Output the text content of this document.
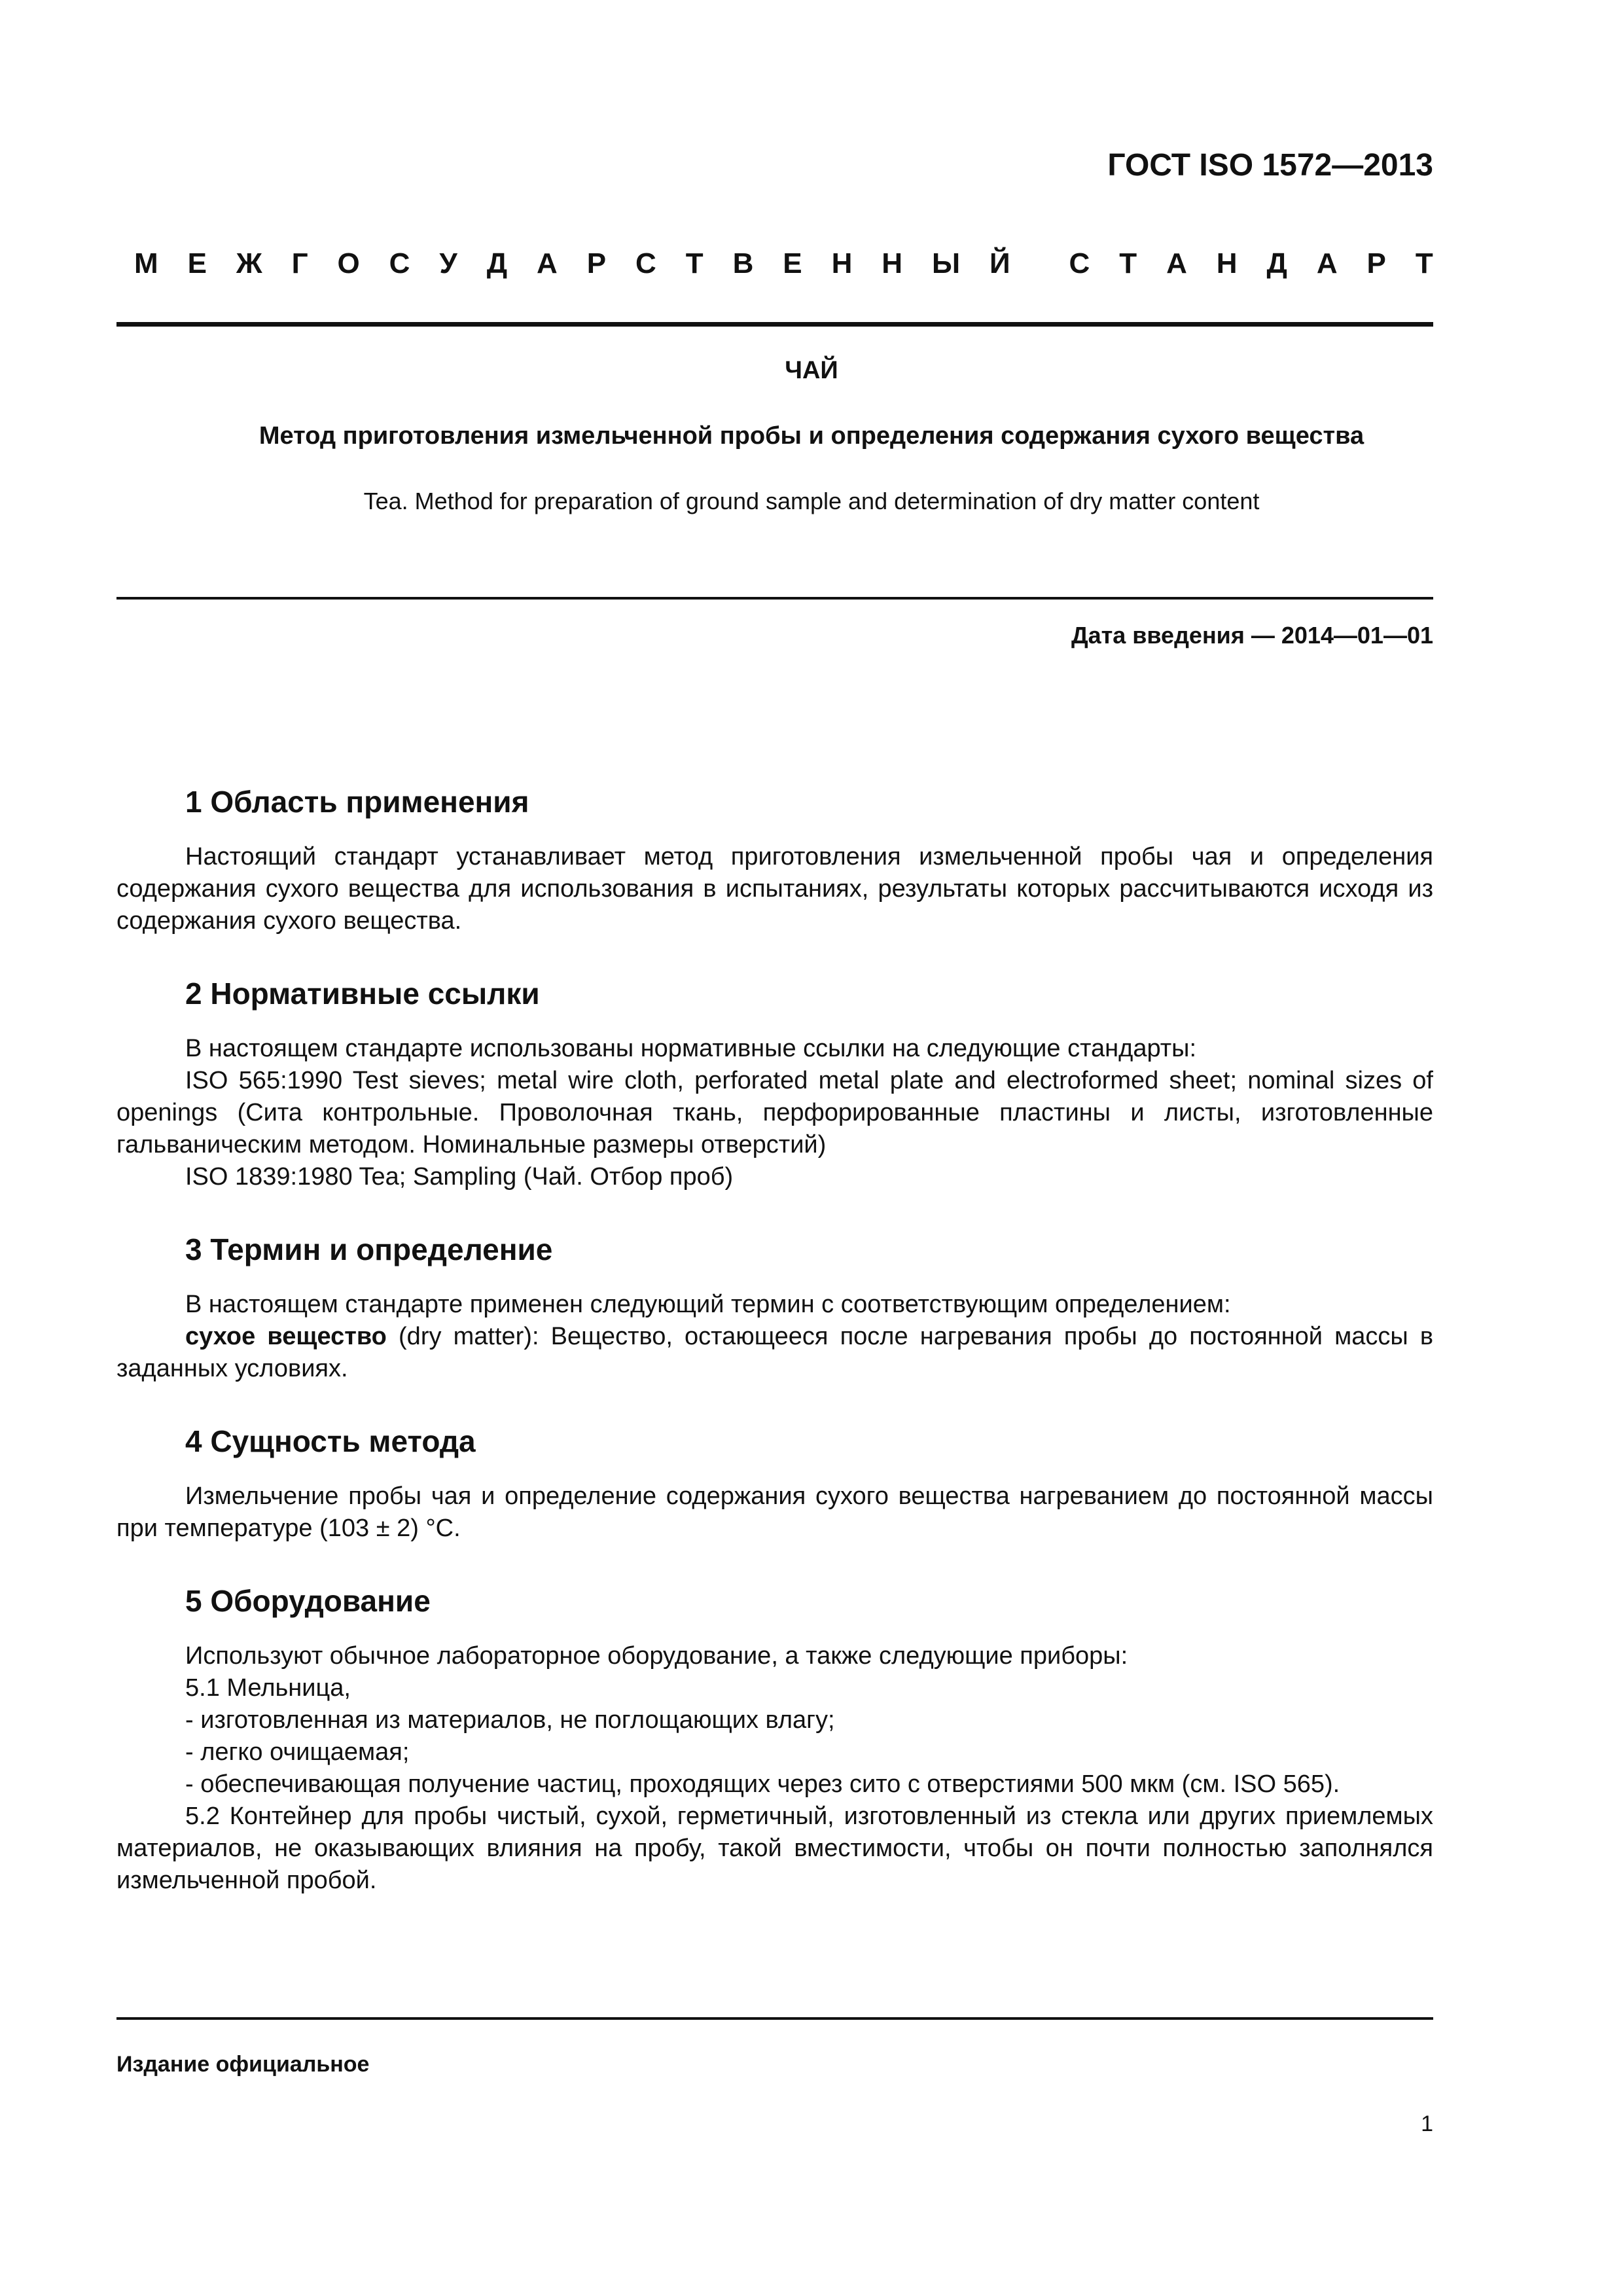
ГОСТ ISO 1572—2013
М Е Ж Г О С У Д А Р С Т В Е Н Н Ы Й С Т А Н Д А Р Т
ЧАЙ
Метод приготовления измельченной пробы и определения содержания сухого вещества
Tea. Method for preparation of ground sample and determination of dry matter content
Дата введения — 2014—01—01
1 Область применения

Настоящий стандарт устанавливает метод приготовления измельченной пробы чая и определения содержания сухого вещества для использования в испытаниях, результаты которых рассчитываются исходя из содержания сухого вещества.

2 Нормативные ссылки

В настоящем стандарте использованы нормативные ссылки на следующие стандарты:

ISO 565:1990 Test sieves; metal wire cloth, perforated metal plate and electroformed sheet; nominal sizes of openings (Сита контрольные. Проволочная ткань, перфорированные пластины и листы, изготовленные гальваническим методом. Номинальные размеры отверстий)

ISO 1839:1980 Tea; Sampling (Чай. Отбор проб)

3 Термин и определение

В настоящем стандарте применен следующий термин с соответствующим определением:

сухое вещество (dry matter): Вещество, остающееся после нагревания пробы до постоянной массы в заданных условиях.

4 Сущность метода

Измельчение пробы чая и определение содержания сухого вещества нагреванием до постоянной массы при температуре (103 ± 2) °С.

5 Оборудование

Используют обычное лабораторное оборудование, а также следующие приборы:

5.1 Мельница,

- изготовленная из материалов, не поглощающих влагу;

- легко очищаемая;

- обеспечивающая получение частиц, проходящих через сито с отверстиями 500 мкм (см. ISO 565).

5.2 Контейнер для пробы чистый, сухой, герметичный, изготовленный из стекла или других приемлемых материалов, не оказывающих влияния на пробу, такой вместимости, чтобы он почти полностью заполнялся измельченной пробой.

Издание официальное
1
